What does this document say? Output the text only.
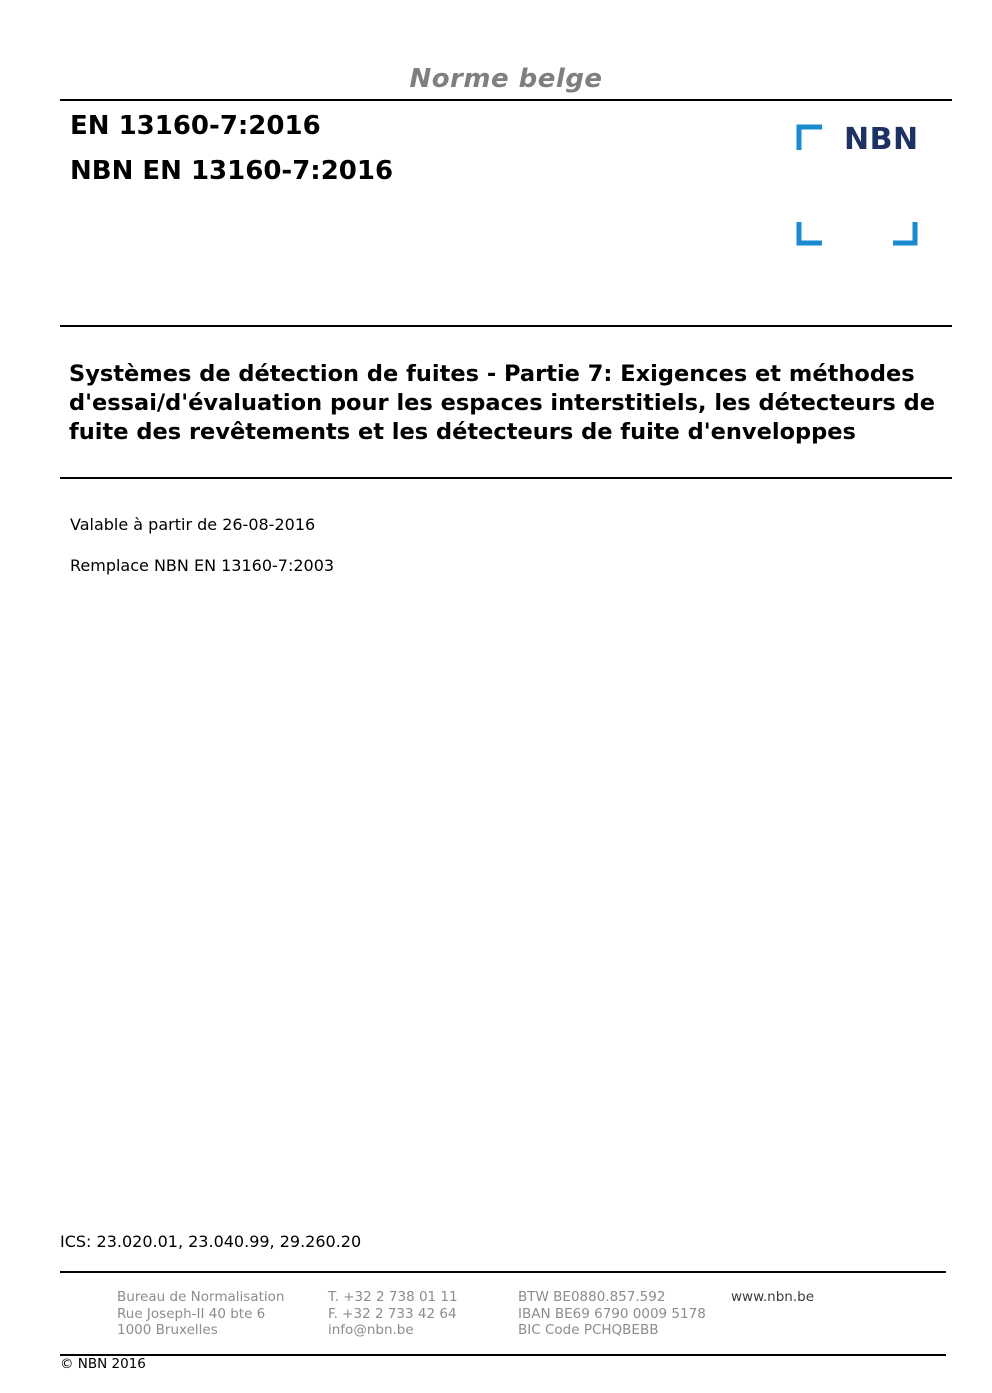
Norme belge
EN 13160-7:2016
NBN EN 13160-7:2016
NBN
Systèmes de détection de fuites - Partie 7: Exigences et méthodes d'essai/d'évaluation pour les espaces interstitiels, les détecteurs de fuite des revêtements et les détecteurs de fuite d'enveloppes
Valable à partir de 26-08-2016
Remplace NBN EN 13160-7:2003
ICS: 23.020.01, 23.040.99, 29.260.20
Bureau de Normalisation
Rue Joseph-II 40 bte 6
1000 Bruxelles
T. +32 2 738 01 11
F. +32 2 733 42 64
info@nbn.be
BTW BE0880.857.592
IBAN BE69 6790 0009 5178
BIC Code PCHQBEBB
www.nbn.be
© NBN 2016
